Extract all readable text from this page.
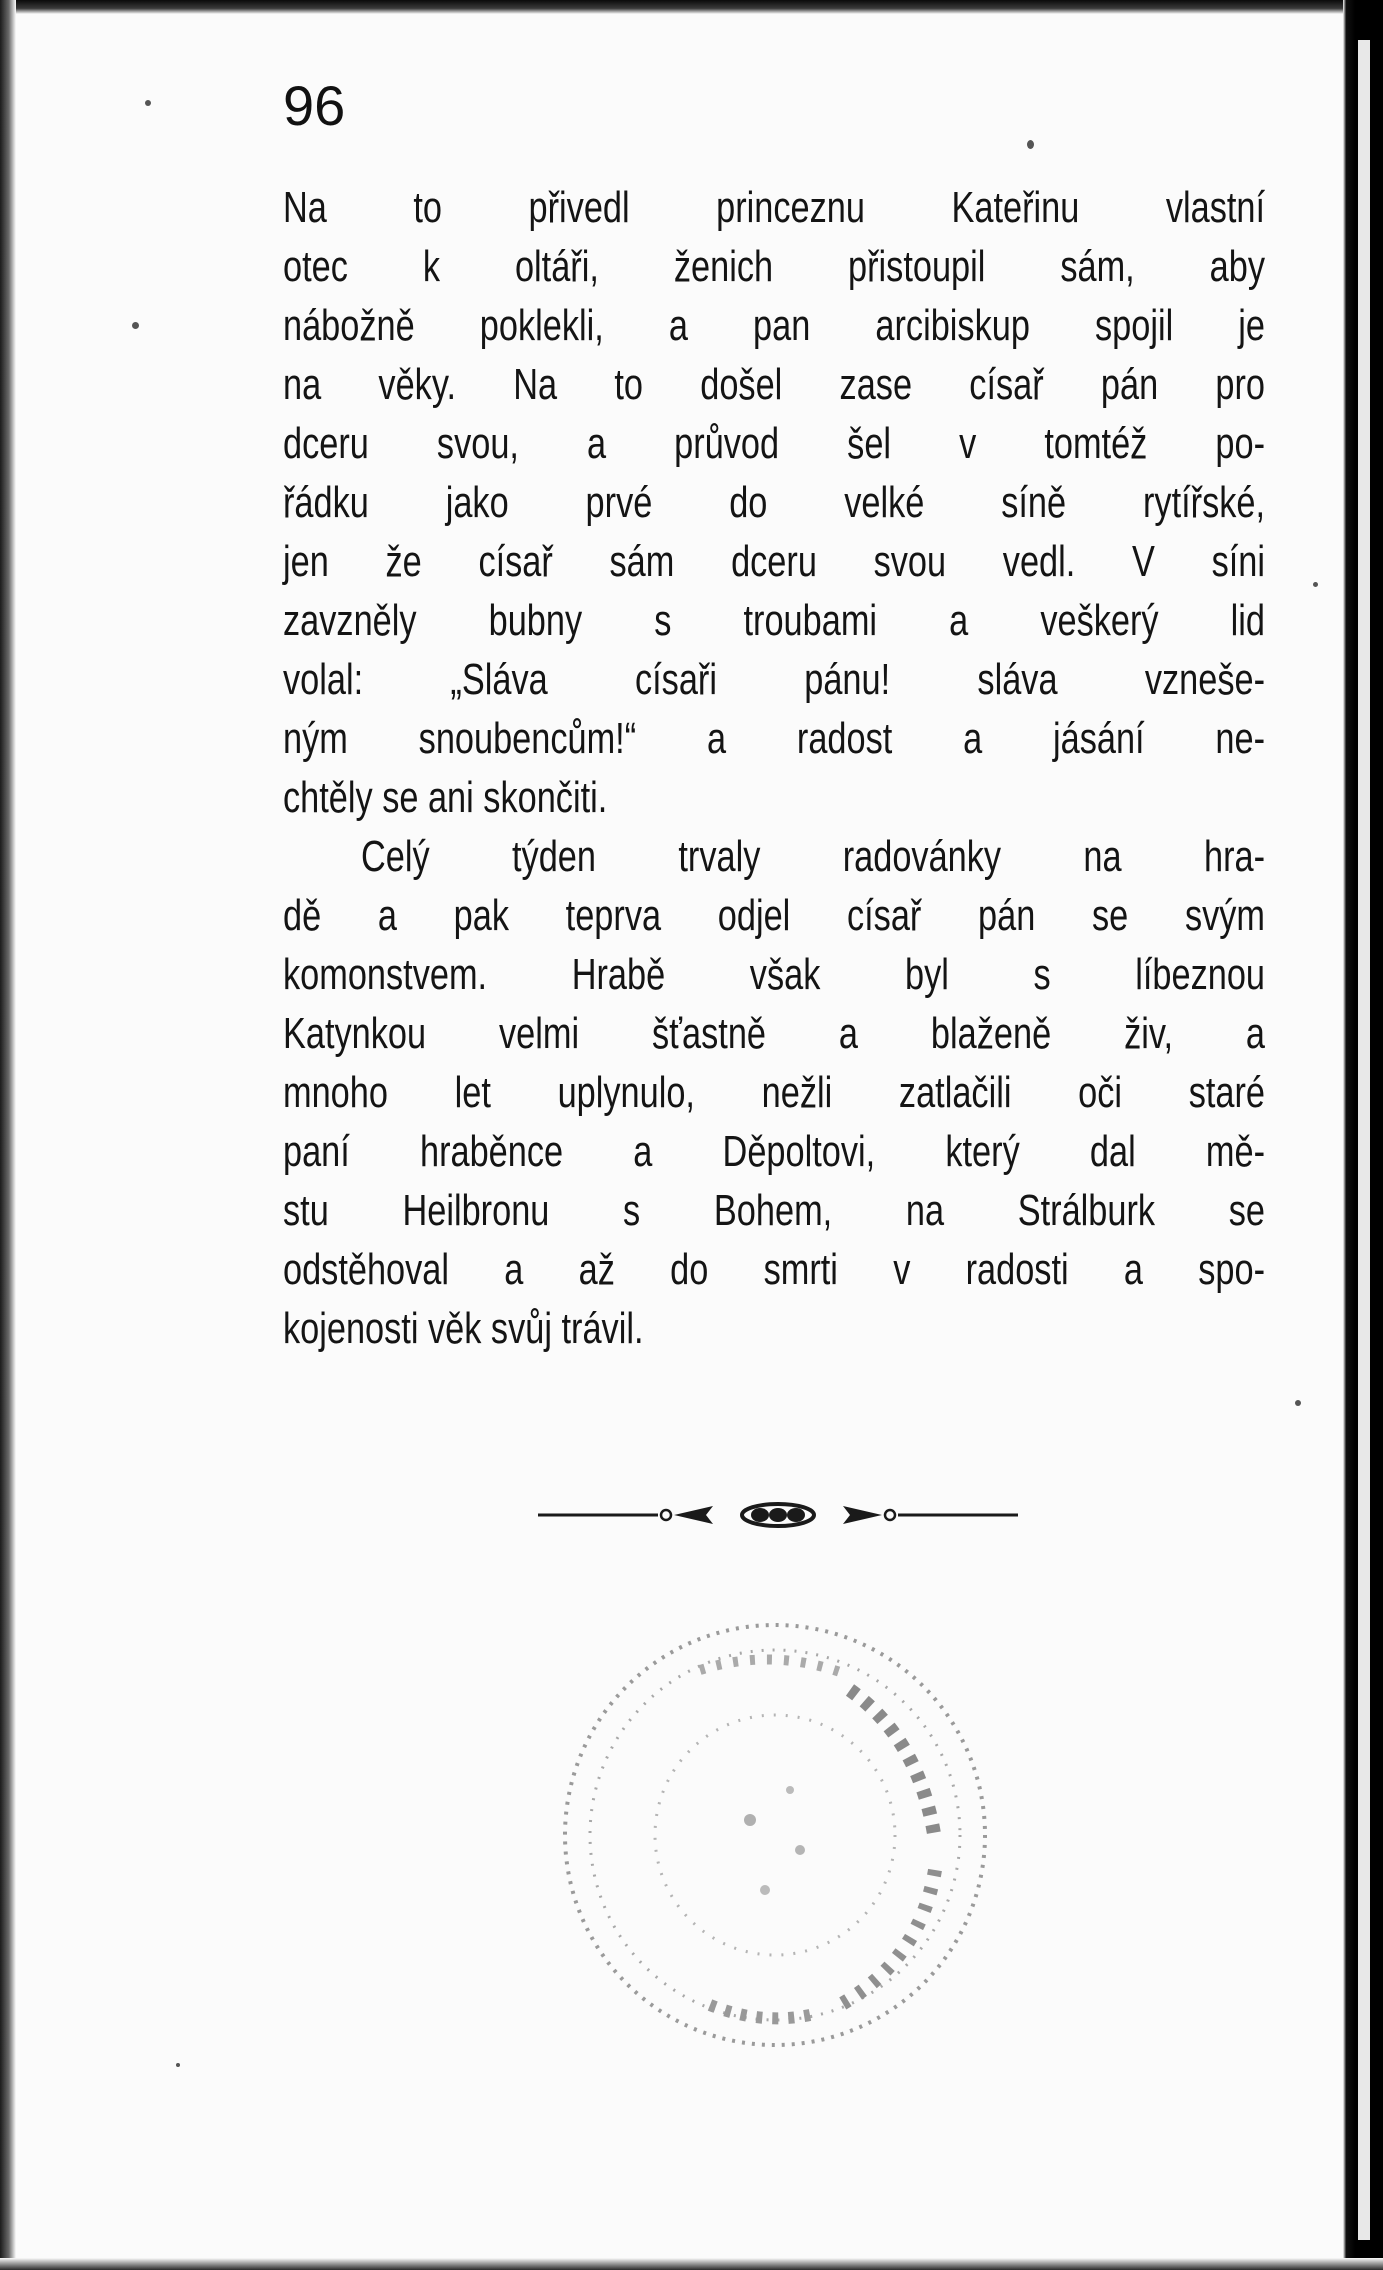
96
Na to přivedl princeznu Kateřinu vlastní
otec k oltáři, ženich přistoupil sám, aby
nábožně poklekli, a pan arcibiskup spojil je
na věky. Na to došel zase císař pán pro
dceru svou, a průvod šel v tomtéž po-
řádku jako prvé do velké síně rytířské,
jen že císař sám dceru svou vedl. V síni
zavzněly bubny s troubami a veškerý lid
volal: „Sláva císaři pánu! sláva vzneše-
ným snoubencům!“ a radost a jásání ne-
chtěly se ani skončiti.
Celý týden trvaly radovánky na hra-
dě a pak teprva odjel císař pán se svým
komonstvem. Hrabě však byl s líbeznou
Katynkou velmi šťastně a blaženě živ, a
mnoho let uplynulo, nežli zatlačili oči staré
paní hraběnce a Děpoltovi, který dal mě-
stu Heilbronu s Bohem, na Strálburk se
odstěhoval a až do smrti v radosti a spo-
kojenosti věk svůj trávil.
